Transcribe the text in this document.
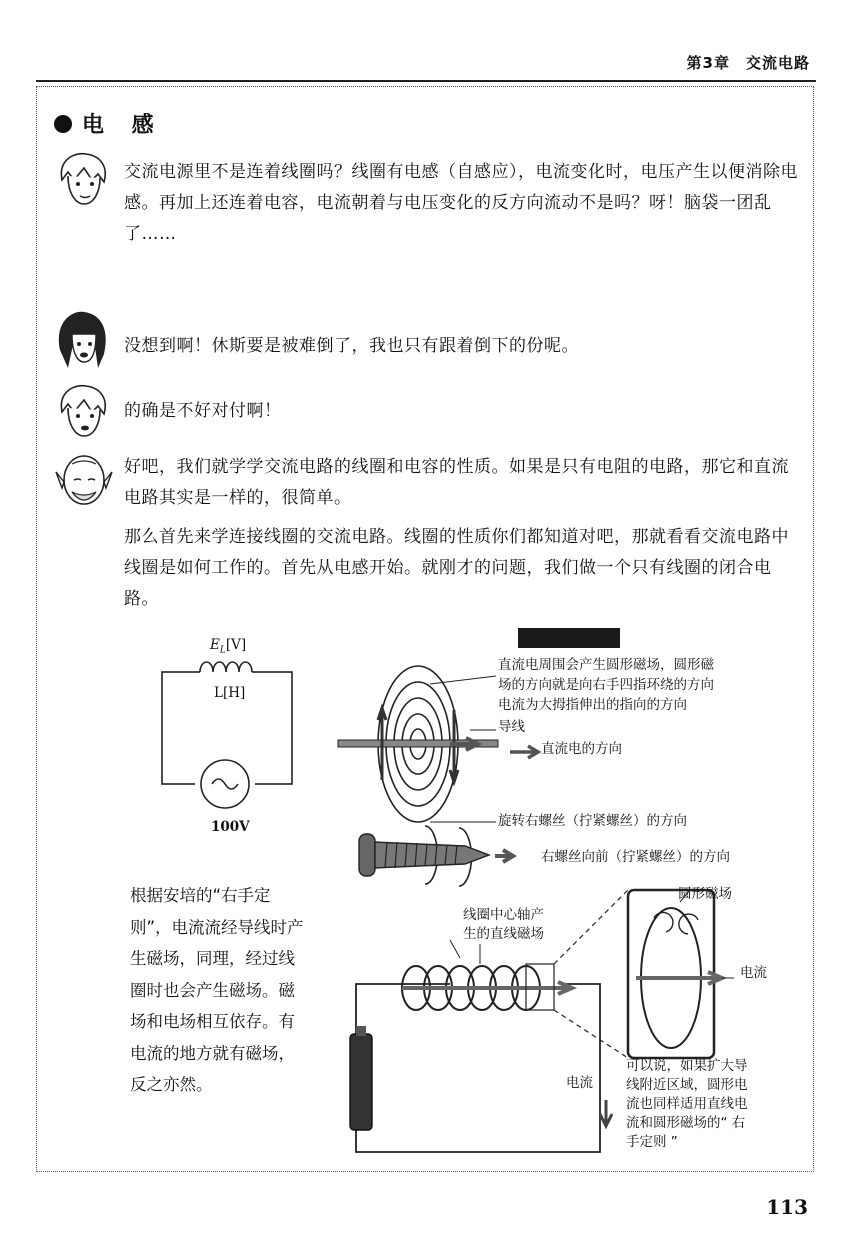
第3章　交流电路
电 感
交流电源里不是连着线圈吗？线圈有电感（自感应），电流变化时，电压产生以便消除电感。再加上还连着电容，电流朝着与电压变化的反方向流动不是吗？呀！脑袋一团乱了……
没想到啊！休斯要是被难倒了，我也只有跟着倒下的份呢。
的确是不好对付啊！
好吧，我们就学学交流电路的线圈和电容的性质。如果是只有电阻的电路，那它和直流电路其实是一样的，很简单。
那么首先来学连接线圈的交流电路。线圈的性质你们都知道对吧，那就看看交流电路中线圈是如何工作的。首先从电感开始。就刚才的问题，我们做一个只有线圈的闭合电路。
$E_L[V]$
L[H]
100V
直流电周围会产生圆形磁场，圆形磁
场的方向就是向右手四指环绕的方向
电流为大拇指伸出的指向的方向
导线
直流电的方向
旋转右螺丝（拧紧螺丝）的方向
右螺丝向前（拧紧螺丝）的方向
根据安培的“右手定则”，电流流经导线时产生磁场，同理，经过线圈时也会产生磁场。磁场和电场相互依存。有电流的地方就有磁场，反之亦然。
线圈中心轴产
生的直线磁场
圆形磁场
电流
电流
可以说，如果扩大导
线附近区域，圆形电
流也同样适用直线电
流和圆形磁场的“ 右
手定则 ”
113
